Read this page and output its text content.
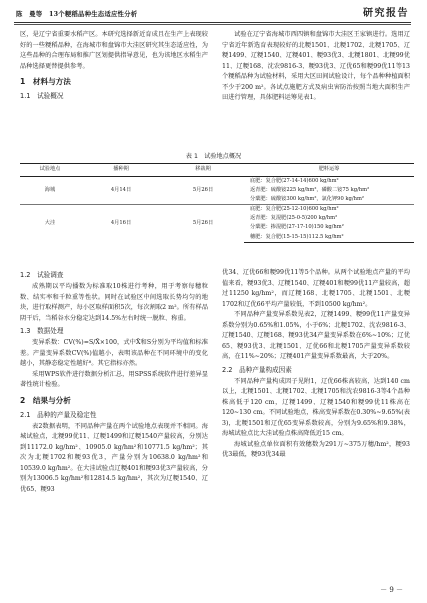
陈　曼等　13个粳稻品种生态适应性分析	研究报告

区，是辽宁省重要水稻产区。本研究选择新近育成且在生产上表现较好的一些粳稻品种，在海城市和盘锦市大洼区研究其生态适应性，为这些品种的合理布局和推广区划提供指导意见，也为该地区水稻生产品种选择更替提供参考。

1　材料与方法
1.1　试验概况

试验在辽宁省海城市西四镇和盘锦市大洼区王家镇进行。选用辽宁省近年新选育表现较好的北粳1501、北粳1702、北粳1705、辽粳1499、辽粳1540、辽粳401、粳93优3、北粳1801、北粳99优11、辽粳168、沈农9816-3、粳93优3、辽优65和粳99优11等13个粳稻品种为试验材料，采用大区田间试验设计，每个品种种植面积不少于200 m²。各试点施肥方式及病虫害防治按照当地大面积生产田进行管理，具体肥料运筹见表1。

表 1　试验地点概况
试验地点	播种期	移栽期	肥料运筹
海城	4月14日	5月26日	底肥：复合肥(27-14-14)600 kg/hm²
			返青肥：硫酸铵225 kg/hm²，磷酸二铵75 kg/hm²
			分蘖肥：硫酸铵300 kg/hm²，氯化钾90 kg/hm²
大洼	4月16日	5月26日	底肥：复合肥(25-12-10)600 kg/hm²
			返青肥：复混肥(25-0-5)200 kg/hm²
			分蘖肥：掺混肥(27-17-10)150 kg/hm²
			穗肥：复合肥(15-15-15)112.5 kg/hm²
1.2　试验调查

成熟期以平均播数为标准取10株进行考种，用于考察每穗粒数、结实率和千粒重等性状。同时在试验区中间选取长势均匀的地块，进行取样测产，每小区取样面积5次，每次割取2 m²。所有样品阴干后，当稻谷水分稳定达到14.5%左右时统一脱粒、称重。

1.3　数据处理

变异系数：CV(%)=S/X̄×100，式中X̄和S分别为平均值和标准差。产量变异系数CV(%)值越小，表明该品种在不同环境中的变化越小，其静态稳定性越好⁸。其它指标亦然。

采用WPS软件进行数据分析汇总，用SPSS系统软件进行差异显著性统计检验。

2　结果与分析
2.1　品种的产量及稳定性

表2数据表明，不同品种产量在两个试验地点表现并不相同。海城试验点，北粳99优11、辽粳1499和辽粳1540产量较高，分别达到11172.0 kg/hm²、10905.0 kg/hm²和10771.5 kg/hm²；其次为北粳1702和粳93优3，产量分别为10638.0 kg/hm²和10539.0 kg/hm²。在大洼试验点辽粳401和粳93优3产量较高，分别为13006.5 kg/hm²和12814.5 kg/hm²，其次为辽粳1540、辽优65、粳93

优34、辽优66和粳99优11等5个品种。从两个试验地点产量的平均值来看，粳93优3、辽粳1540、辽粳401和粳99优11产量较高，超过11250 kg/hm²，而辽粳168、北粳1705、北粳1501、北粳1702和辽优66平均产量较低，不到10500 kg/hm²。

不同品种产量变异系数见表2，辽粳1499、粳99优11产量变异系数分别为0.65%和1.05%，小于6%；北粳1702、沈农9816-3、辽粳1540、辽粳168、粳93优34产量变异系数在6%~10%；辽优65、粳93优3、北粳1501、辽优66和北粳1705产量变异系数较高，在11%~20%；辽粳401产量变异系数最高，大于20%。

2.2　品种产量构成因素

不同品种产量构成因子见附1，辽优66株高较高，达到140 cm以上，北粳1501、北粳1702、北粳1705和沈农9816-3等4个品种株高低于120 cm，辽粳1499、辽粳1540和粳99优11株高在120~130 cm。不同试验地点，株高变异系数在0.30%~9.65%(表3)，北粳1501和辽优65变异系数较高，分别为9.65%和9.38%，海城试验点比大洼试验点株高降低近15 cm。

海城试验点单位面积有效穗数为291万~375万穗/hm²，粳93优3最低，粳93优34最

－ 9 －
